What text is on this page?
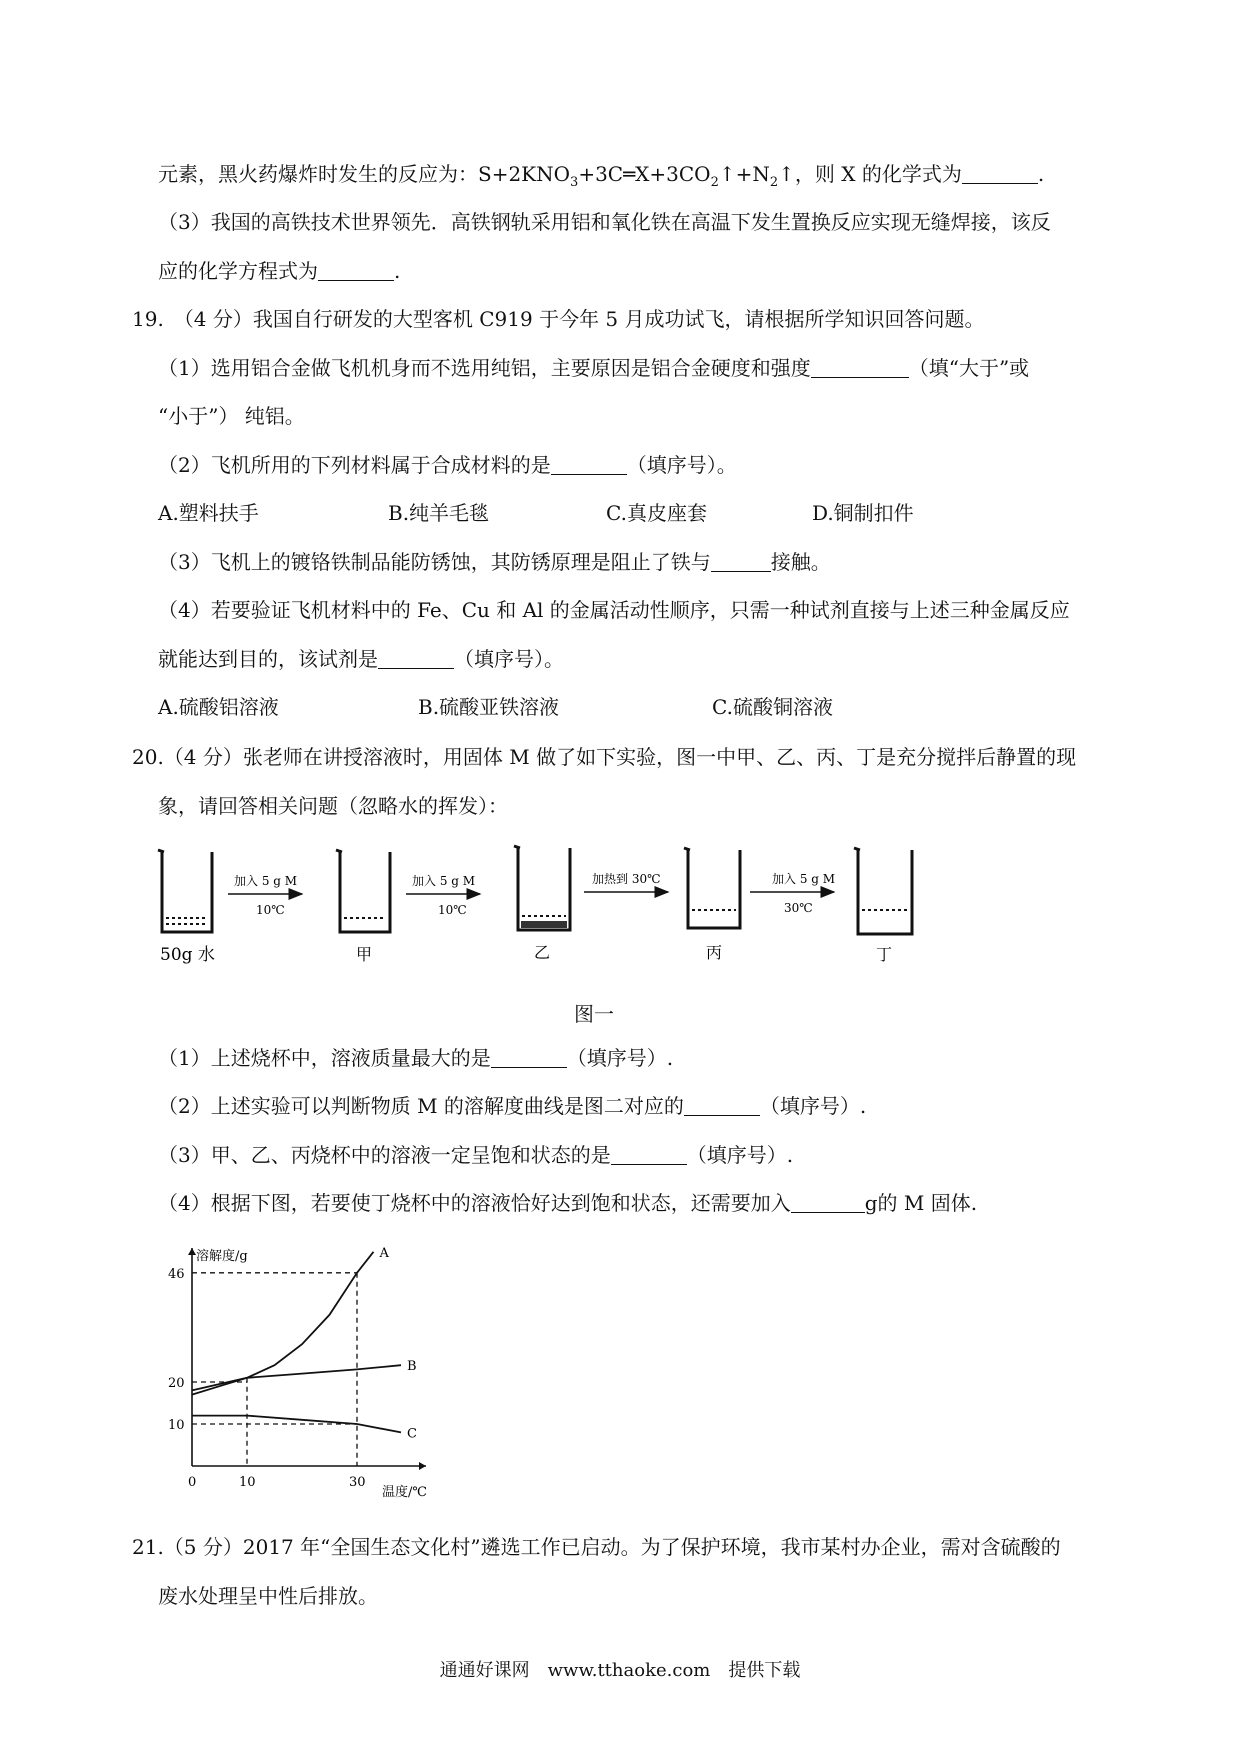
元素，黑火药爆炸时发生的反应为：$S+2KNO_3+3C═X+3CO_2↑+N_2↑$，则 X 的化学式为	.
（3）我国的高铁技术世界领先．高铁钢轨采用铝和氧化铁在高温下发生置换反应实现无缝焊接，该反
应的化学方程式为	.
19.　（4 分）我国自行研发的大型客机 C919 于今年 5 月成功试飞，请根据所学知识回答问题。
（1）选用铝合金做飞机机身而不选用纯铝，主要原因是铝合金硬度和强度	（填“大于”或
“小于”） 纯铝。
（2）飞机所用的下列材料属于合成材料的是	（填序号）。
A.塑料扶手	B.纯羊毛毯	C.真皮座套	D.铜制扣件
（3）飞机上的镀铬铁制品能防锈蚀，其防锈原理是阻止了铁与	接触。
（4）若要验证飞机材料中的 Fe、Cu 和 Al 的金属活动性顺序，只需一种试剂直接与上述三种金属反应
就能达到目的，该试剂是	（填序号）。
A.硫酸铝溶液	B.硫酸亚铁溶液	C.硫酸铜溶液
20.（4 分）张老师在讲授溶液时，用固体 M 做了如下实验，图一中甲、乙、丙、丁是充分搅拌后静置的现
象，请回答相关问题（忽略水的挥发）：
50g 水
加入 5 g M
10℃
甲
加入 5 g M
10℃
乙
加热到 30℃
丙
加入 5 g M
30℃
丁
图一
（1）上述烧杯中，溶液质量最大的是	（填序号）.
（2）上述实验可以判断物质 M 的溶解度曲线是图二对应的	（填序号）.
（3）甲、乙、丙烧杯中的溶液一定呈饱和状态的是	（填序号）.
（4）根据下图，若要使丁烧杯中的溶液恰好达到饱和状态，还需要加入	g的 M 固体.
溶解度/g
温度/℃
0	10	30
10
20
46
A
B
C
21.（5 分）2017 年“全国生态文化村”遴选工作已启动。为了保护环境，我市某村办企业，需对含硫酸的
废水处理呈中性后排放。
通通好课网　www.tthaoke.com　提供下载
